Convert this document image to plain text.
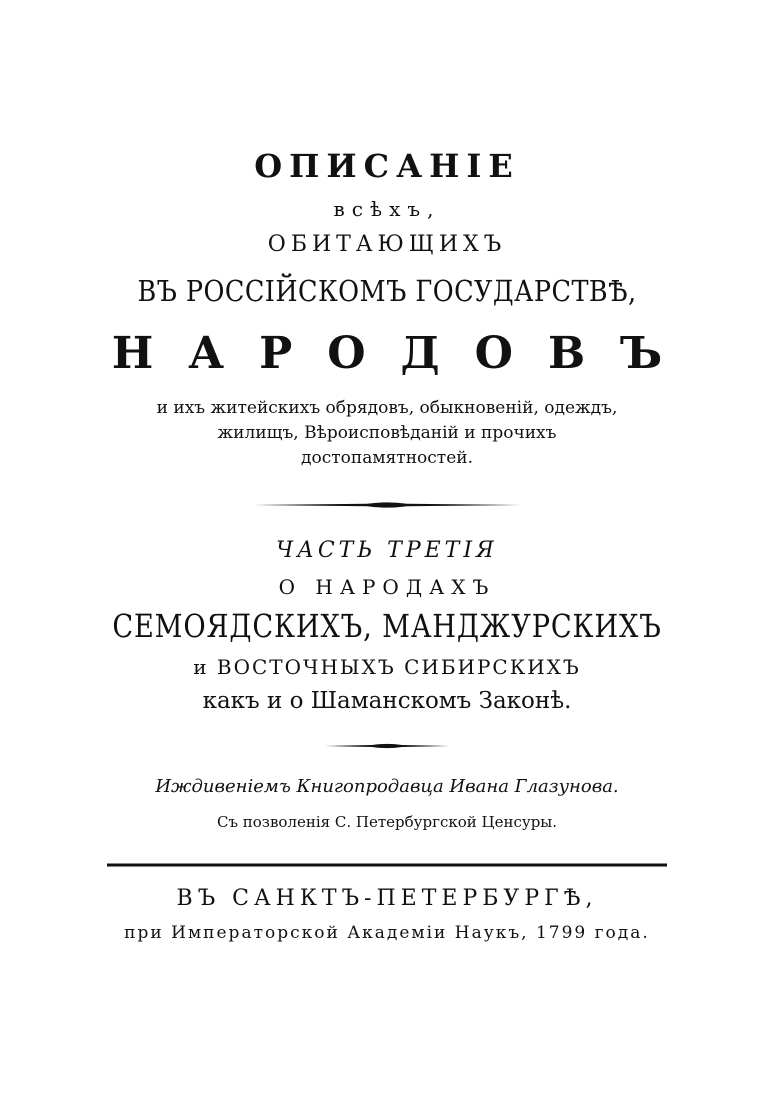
ОПИСАНІЕ
всѣхъ,
ОБИТАЮЩИХЪ
ВЪ РОССІЙСКОМЪ ГОСУДАРСТВѢ,
НАРОДОВЪ
и ихъ житейскихъ обрядовъ, обыкновеній, одеждъ,
жилищъ, Вѣроисповѣданій и прочихъ
достопамятностей.
ЧАСТЬ ТРЕТІЯ
О НАРОДАХЪ
СЕМОЯДСКИХЪ, МАНДЖУРСКИХЪ
и ВОСТОЧНЫХЪ СИБИРСКИХЪ
какъ и о Шаманскомъ Законѣ.
Иждивеніемъ Книгопродавца Ивана Глазунова.
Съ позволенія С. Петербургской Ценсуры.
ВЪ САНКТЪ-ПЕТЕРБУРГѢ,
при Императорской Академіи Наукъ, 1799 года.
